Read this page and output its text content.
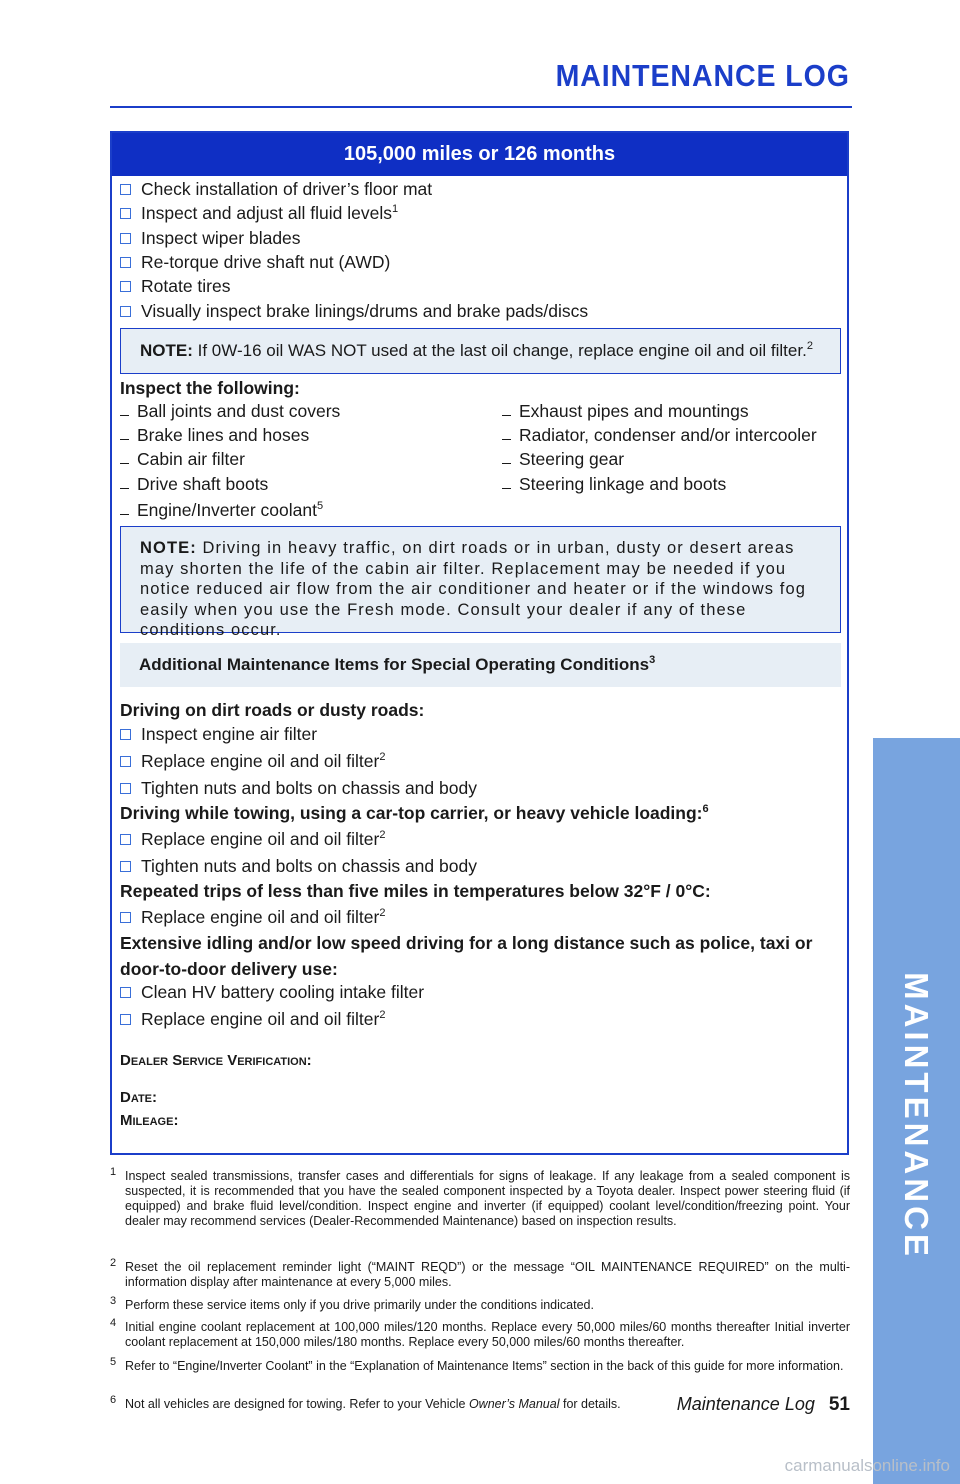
MAINTENANCE LOG
MAINTENANCE
105,000 miles or 126 months
Check installation of driver’s floor mat
Inspect and adjust all fluid levels$^1$
Inspect wiper blades
Re-torque drive shaft nut (AWD)
Rotate tires
Visually inspect brake linings/drums and brake pads/discs
NOTE: If 0W-16 oil WAS NOT used at the last oil change, replace engine oil and oil filter.$^2$
Inspect the following:
Ball joints and dust covers
Brake lines and hoses
Cabin air filter
Drive shaft boots
Engine/Inverter coolant$^5$
Exhaust pipes and mountings
Radiator, condenser and/or intercooler
Steering gear
Steering linkage and boots
NOTE: Driving in heavy traffic, on dirt roads or in urban, dusty or desert areas may shorten the life of the cabin air filter. Replacement may be needed if you notice reduced air flow from the air conditioner and heater or if the windows fog easily when you use the Fresh mode. Consult your dealer if any of these conditions occur.
Additional Maintenance Items for Special Operating Conditions$^3$
Driving on dirt roads or dusty roads:
Inspect engine air filter
Replace engine oil and oil filter$^2$
Tighten nuts and bolts on chassis and body
Driving while towing, using a car-top carrier, or heavy vehicle loading:$^6$
Replace engine oil and oil filter$^2$
Tighten nuts and bolts on chassis and body
Repeated trips of less than five miles in temperatures below 32°F / 0°C:
Replace engine oil and oil filter$^2$
Extensive idling and/or low speed driving for a long distance such as police, taxi or
door-to-door delivery use:
Clean HV battery cooling intake filter
Replace engine oil and oil filter$^2$
Dealer Service Verification:
Date:
Mileage:
1 Inspect sealed transmissions, transfer cases and differentials for signs of leakage. If any leakage from a sealed component is suspected, it is recommended that you have the sealed component inspected by a Toyota dealer. Inspect power steering fluid (if equipped) and brake fluid level/condition. Inspect engine and inverter (if equipped) coolant level/condition/freezing point. Your dealer may recommend services (Dealer-Recommended Maintenance) based on inspection results.
2 Reset the oil replacement reminder light (“MAINT REQD”) or the message “OIL MAINTENANCE REQUIRED” on the multi-information display after maintenance at every 5,000 miles.
3 Perform these service items only if you drive primarily under the conditions indicated.
4 Initial engine coolant replacement at 100,000 miles/120 months. Replace every 50,000 miles/60 months thereafter Initial inverter coolant replacement at 150,000 miles/180 months. Replace every 50,000 miles/60 months thereafter.
5 Refer to “Engine/Inverter Coolant” in the “Explanation of Maintenance Items” section in the back of this guide for more information.
6 Not all vehicles are designed for towing. Refer to your Vehicle Owner’s Manual for details.	Maintenance Log 51
carmanualsonline.info
